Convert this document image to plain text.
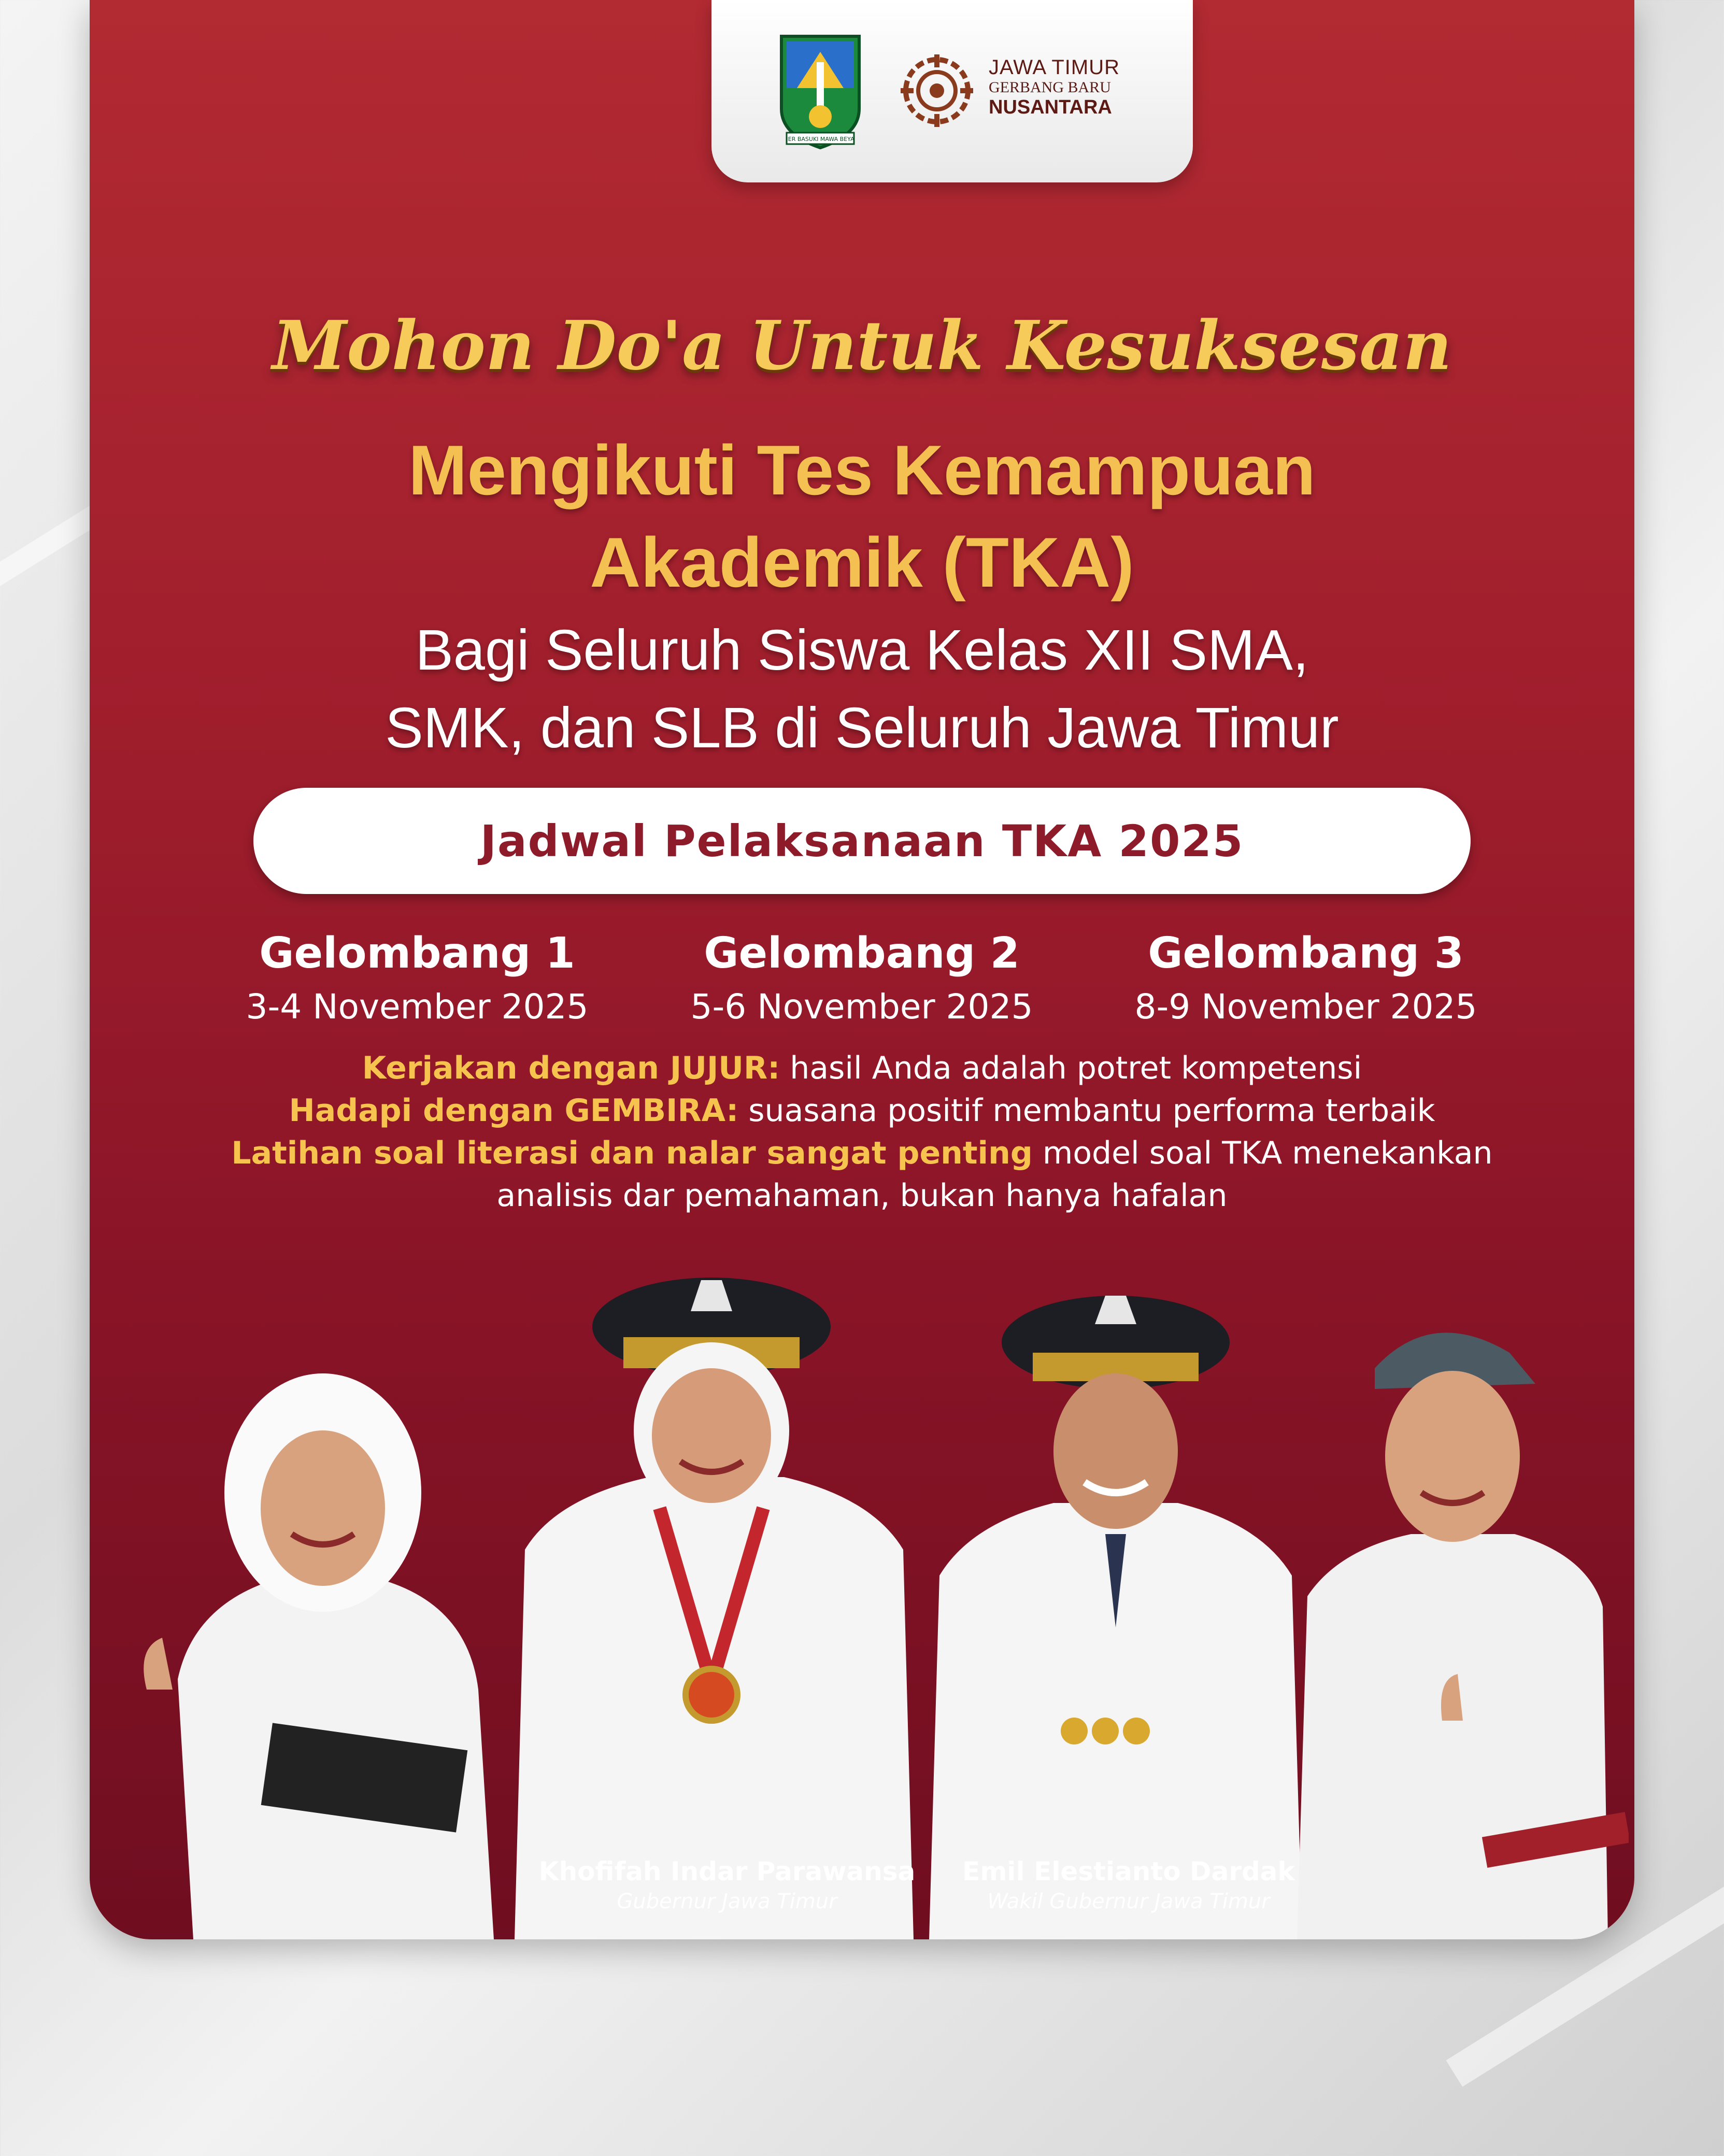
JER BASUKI MAWA BEYA
JAWA TIMUR
GERBANG BARU
NUSANTARA
Khofifah Indar Parawansa
Gubernur Jawa Timur
Emil Elestianto Dardak
Wakil Gubernur Jawa Timur
Mohon Do'a Untuk Kesuksesan
Mengikuti Tes Kemampuan
Akademik (TKA)
Bagi Seluruh Siswa Kelas XII SMA,
SMK, dan SLB di Seluruh Jawa Timur
Jadwal Pelaksanaan TKA 2025
Gelombang 1
3-4 November 2025
Gelombang 2
5-6 November 2025
Gelombang 3
8-9 November 2025
Kerjakan dengan JUJUR: hasil Anda adalah potret kompetensi
Hadapi dengan GEMBIRA: suasana positif membantu performa terbaik
Latihan soal literasi dan nalar sangat penting model soal TKA menekankan
analisis dar pemahaman, bukan hanya hafalan
